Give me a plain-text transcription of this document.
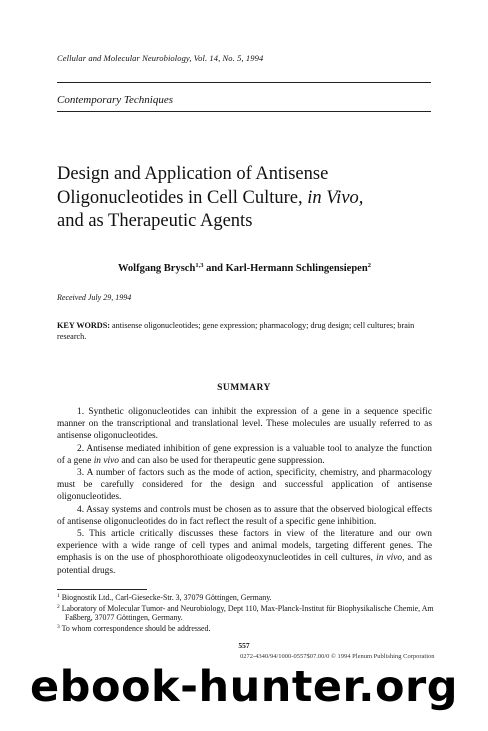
Cellular and Molecular Neurobiology, Vol. 14, No. 5, 1994
Contemporary Techniques
Design and Application of Antisense
Oligonucleotides in Cell Culture, in Vivo,
and as Therapeutic Agents
Wolfgang Brysch$^{1,3}$ and Karl-Hermann Schlingensiepen$^2$
Received July 29, 1994
KEY WORDS: antisense oligonucleotides; gene expression; pharmacology; drug design; cell cultures; brain research.
SUMMARY

1. Synthetic oligonucleotides can inhibit the expression of a gene in a sequence specific manner on the transcriptional and translational level. These molecules are usually referred to as antisense oligonucleotides.

2. Antisense mediated inhibition of gene expression is a valuable tool to analyze the function of a gene in vivo and can also be used for therapeutic gene suppression.

3. A number of factors such as the mode of action, specificity, chemistry, and pharmacology must be carefully considered for the design and successful application of antisense oligonucleotides.

4. Assay systems and controls must be chosen as to assure that the observed biological effects of antisense oligonucleotides do in fact reflect the result of a specific gene inhibition.

5. This article critically discusses these factors in view of the literature and our own experience with a wide range of cell types and animal models, targeting different genes. The emphasis is on the use of phosphorothioate oligodeoxynucleotides in cell cultures, in vivo, and as potential drugs.

$^1$ Biognostik Ltd., Carl-Giesecke-Str. 3, 37079 Göttingen, Germany.
$^2$ Laboratory of Molecular Tumor- and Neurobiology, Dept 110, Max-Planck-Institut für Biophysikalische Chemie, Am Faßberg, 37077 Göttingen, Germany.
$^3$ To whom correspondence should be addressed.
557
0272-4340/94/1000-0557$07.00/0 © 1994 Plenum Publishing Corporation
ebook-hunter.org
